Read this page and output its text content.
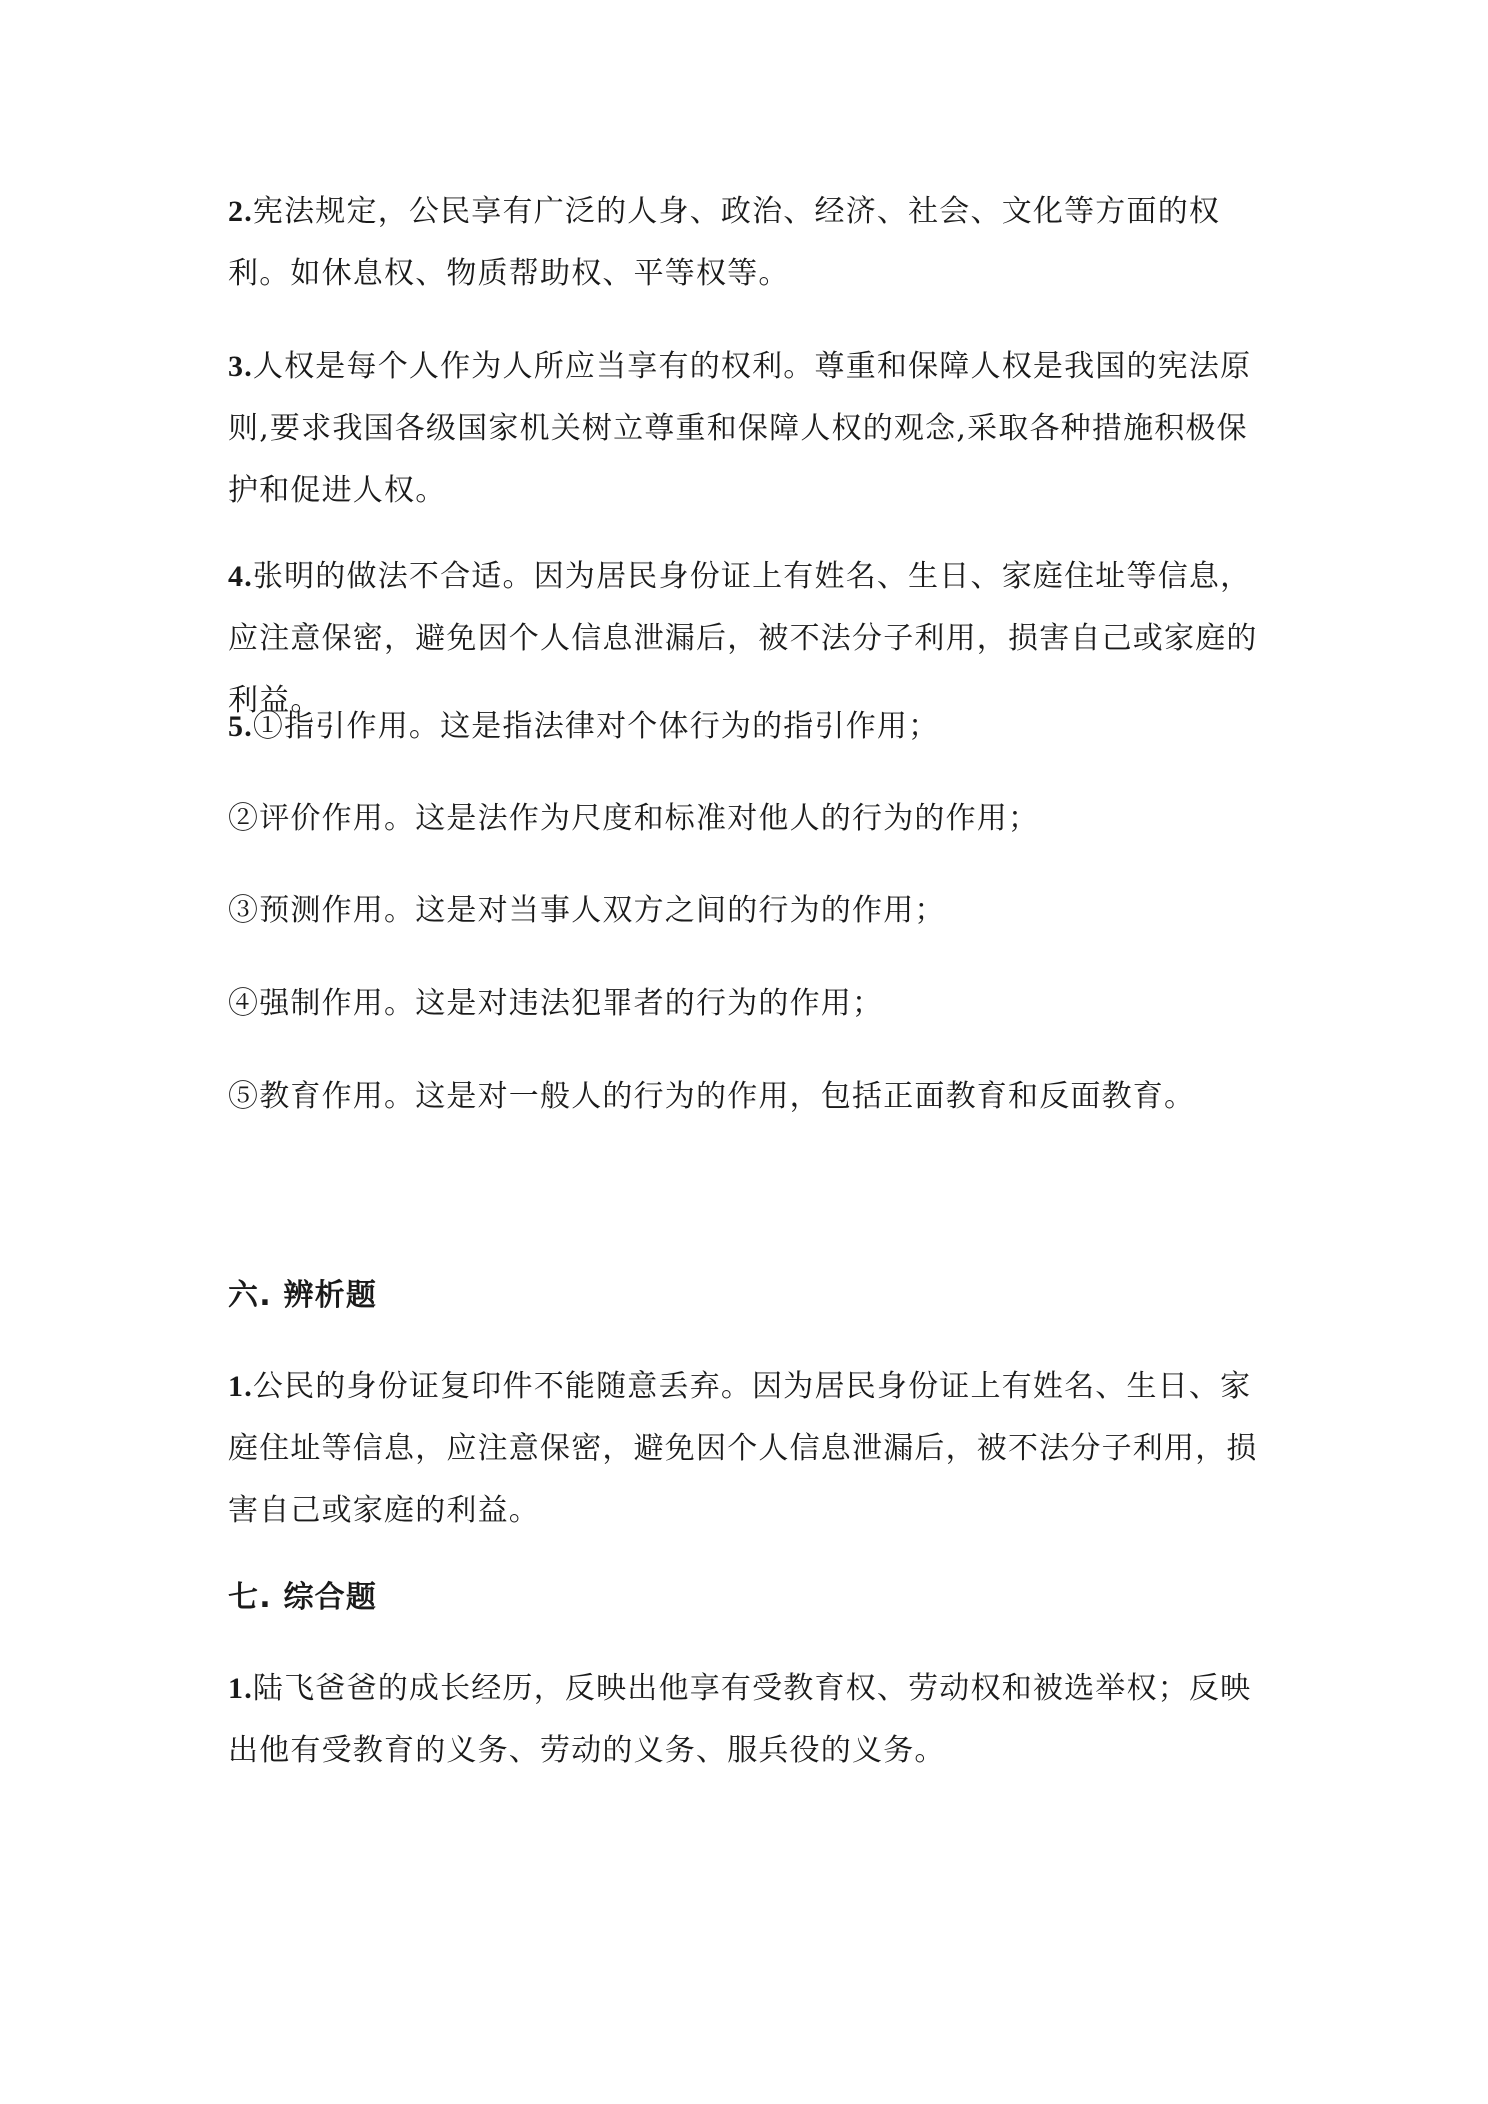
2.宪法规定，公民享有广泛的人身、政治、经济、社会、文化等方面的权利。如休息权、物质帮助权、平等权等。

3.人权是每个人作为人所应当享有的权利。尊重和保障人权是我国的宪法原则,要求我国各级国家机关树立尊重和保障人权的观念,采取各种措施积极保护和促进人权。

4.张明的做法不合适。因为居民身份证上有姓名、生日、家庭住址等信息，应注意保密，避免因个人信息泄漏后，被不法分子利用，损害自己或家庭的利益。

5.①指引作用。这是指法律对个体行为的指引作用；

②评价作用。这是法作为尺度和标准对他人的行为的作用；

③预测作用。这是对当事人双方之间的行为的作用；

④强制作用。这是对违法犯罪者的行为的作用；

⑤教育作用。这是对一般人的行为的作用，包括正面教育和反面教育。

六. 辨析题

1.公民的身份证复印件不能随意丢弃。因为居民身份证上有姓名、生日、家庭住址等信息，应注意保密，避免因个人信息泄漏后，被不法分子利用，损害自己或家庭的利益。

七. 综合题

1.陆飞爸爸的成长经历，反映出他享有受教育权、劳动权和被选举权；反映出他有受教育的义务、劳动的义务、服兵役的义务。
